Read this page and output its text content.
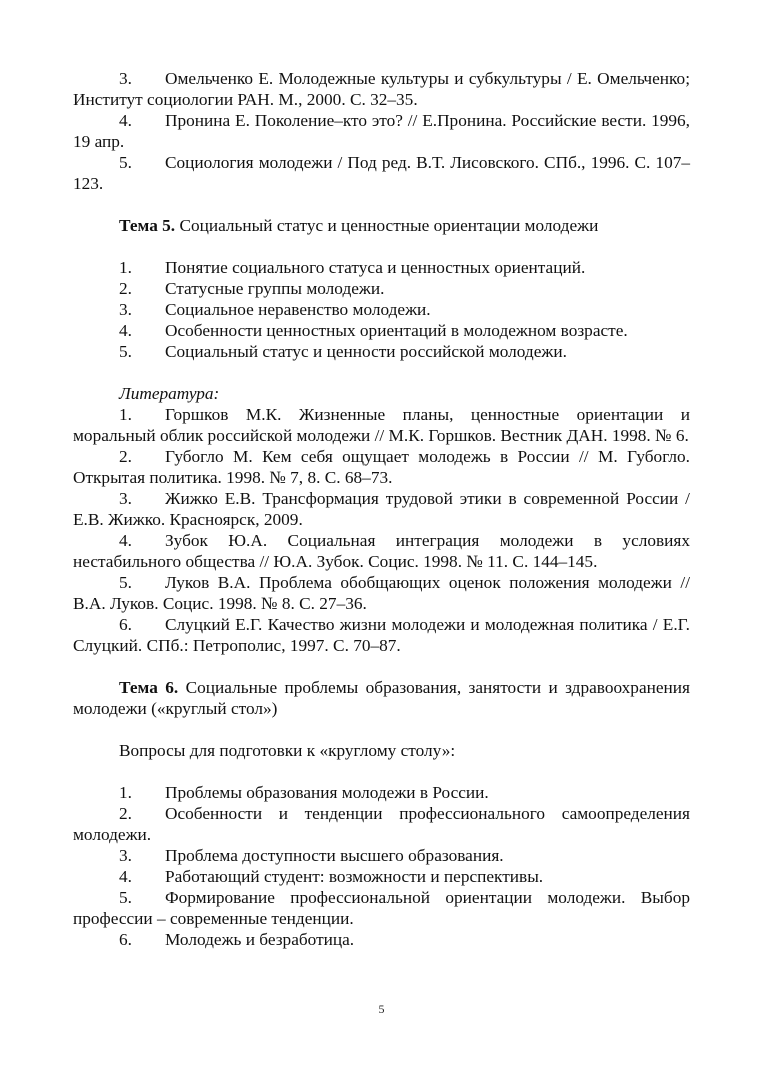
3. Омельченко Е. Молодежные культуры и субкультуры / Е. Омельченко; Институт социологии РАН. М., 2000. С. 32–35.

4. Пронина Е. Поколение–кто это? // Е.Пронина. Российские вести. 1996, 19 апр.

5. Социология молодежи / Под ред. В.Т. Лисовского. СПб., 1996. С. 107–123.

Тема 5. Социальный статус и ценностные ориентации молодежи

1. Понятие социального статуса и ценностных ориентаций.

2. Статусные группы молодежи.

3. Социальное неравенство молодежи.

4. Особенности ценностных ориентаций в молодежном возрасте.

5. Социальный статус и ценности российской молодежи.

Литература:

1. Горшков М.К. Жизненные планы, ценностные ориентации и моральный облик российской молодежи // М.К. Горшков. Вестник ДАН. 1998. № 6.

2. Губогло М. Кем себя ощущает молодежь в России // М. Губогло. Открытая политика. 1998. № 7, 8. С. 68–73.

3. Жижко Е.В. Трансформация трудовой этики в современной России / Е.В. Жижко. Красноярск, 2009.

4. Зубок Ю.А. Социальная интеграция молодежи в условиях нестабильного общества // Ю.А. Зубок. Социс. 1998. № 11. С. 144–145.

5. Луков В.А. Проблема обобщающих оценок положения молодежи // В.А. Луков. Социс. 1998. № 8. С. 27–36.

6. Слуцкий Е.Г. Качество жизни молодежи и молодежная политика / Е.Г. Слуцкий. СПб.: Петрополис, 1997. С. 70–87.

Тема 6. Социальные проблемы образования, занятости и здравоохранения молодежи («круглый стол»)

Вопросы для подготовки к «круглому столу»:

1. Проблемы образования молодежи в России.

2. Особенности и тенденции профессионального самоопределения молодежи.

3. Проблема доступности высшего образования.

4. Работающий студент: возможности и перспективы.

5. Формирование профессиональной ориентации молодежи. Выбор профессии – современные тенденции.

6. Молодежь и безработица.

5
